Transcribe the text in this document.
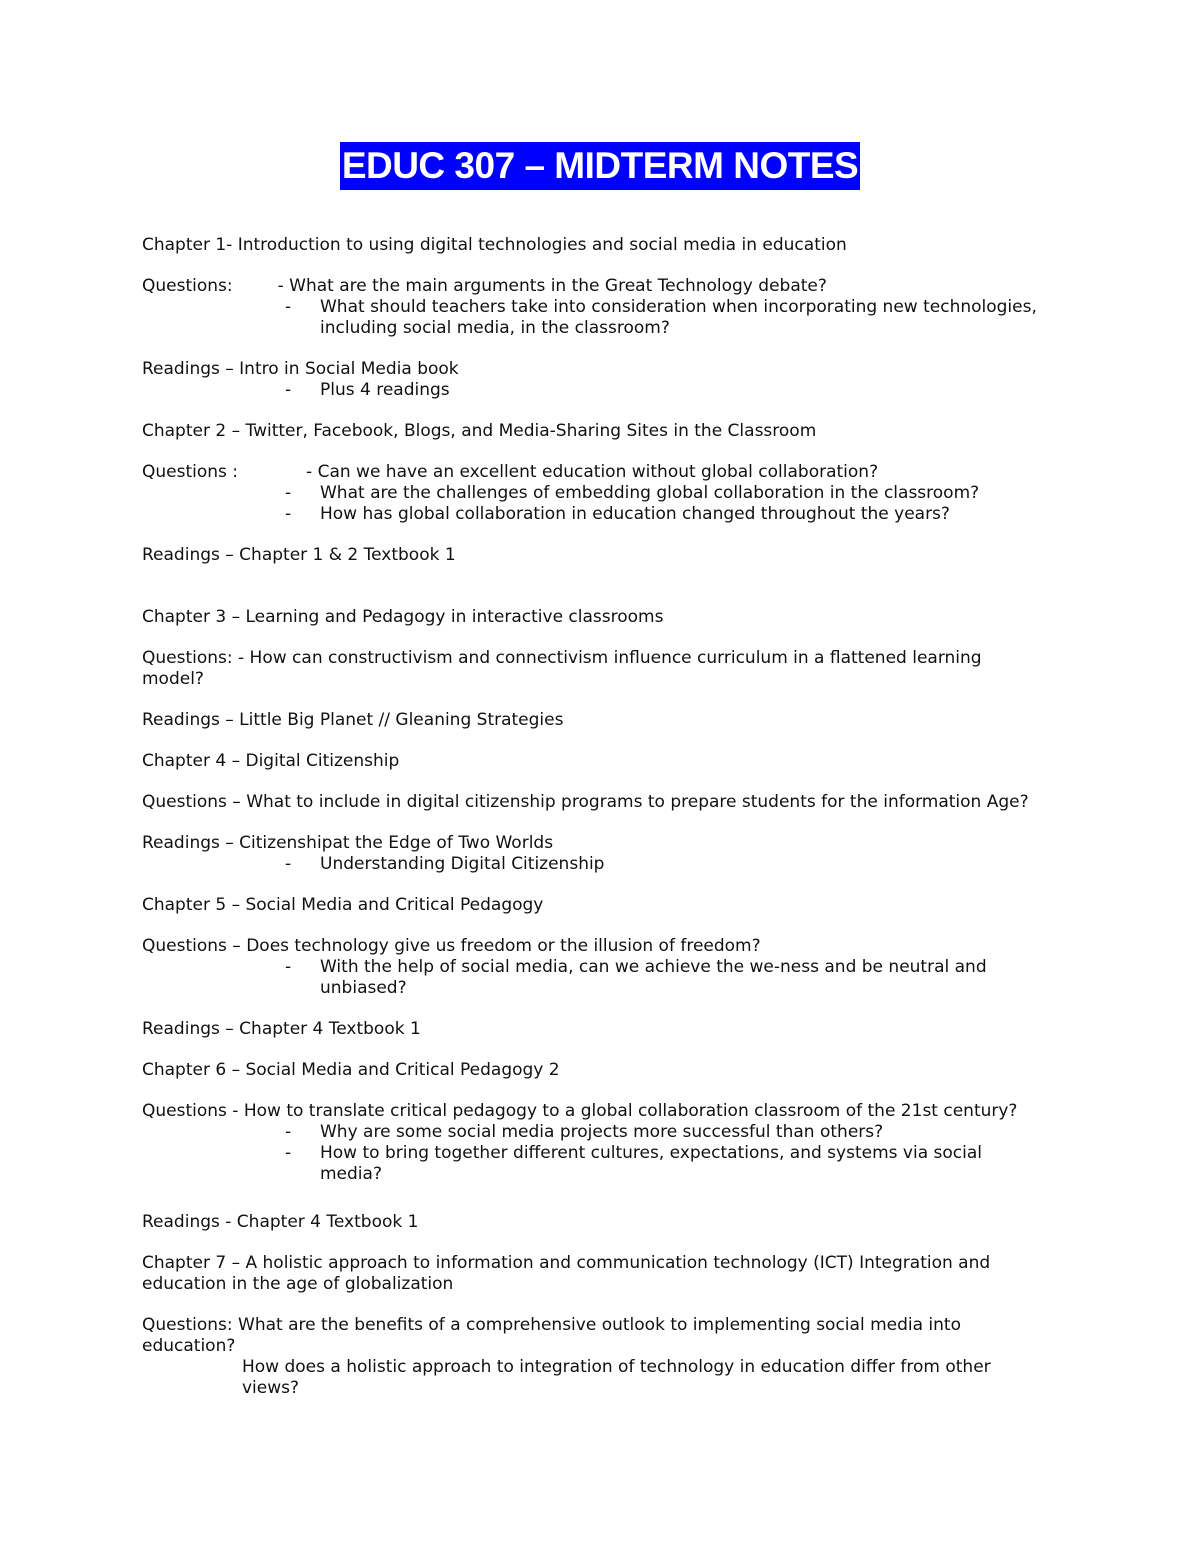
EDUC 307 – MIDTERM NOTES
Chapter 1- Introduction to using digital technologies and social media in education
Questions:	- What are the main arguments in the Great Technology debate?
- What should teachers take into consideration when incorporating new technologies, including social media, in the classroom?
Readings – Intro in Social Media book
- Plus 4 readings
Chapter 2 – Twitter, Facebook, Blogs, and Media-Sharing Sites in the Classroom
Questions :	- Can we have an excellent education without global collaboration?
- What are the challenges of embedding global collaboration in the classroom?
- How has global collaboration in education changed throughout the years?
Readings – Chapter 1 & 2 Textbook 1
Chapter 3 – Learning and Pedagogy in interactive classrooms
Questions: - How can constructivism and connectivism influence curriculum in a flattened learning model?
Readings – Little Big Planet // Gleaning Strategies
Chapter 4 – Digital Citizenship
Questions – What to include in digital citizenship programs to prepare students for the information Age?
Readings – Citizenshipat the Edge of Two Worlds
- Understanding Digital Citizenship
Chapter 5 – Social Media and Critical Pedagogy
Questions – Does technology give us freedom or the illusion of freedom?
- With the help of social media, can we achieve the we-ness and be neutral and unbiased?
Readings – Chapter 4 Textbook 1
Chapter 6 – Social Media and Critical Pedagogy 2
Questions - How to translate critical pedagogy to a global collaboration classroom of the 21st century?
- Why are some social media projects more successful than others?
- How to bring together different cultures, expectations, and systems via social media?
Readings - Chapter 4 Textbook 1
Chapter 7 – A holistic approach to information and communication technology (ICT) Integration and education in the age of globalization
Questions: What are the benefits of a comprehensive outlook to implementing social media into education?
How does a holistic approach to integration of technology in education differ from other views?
